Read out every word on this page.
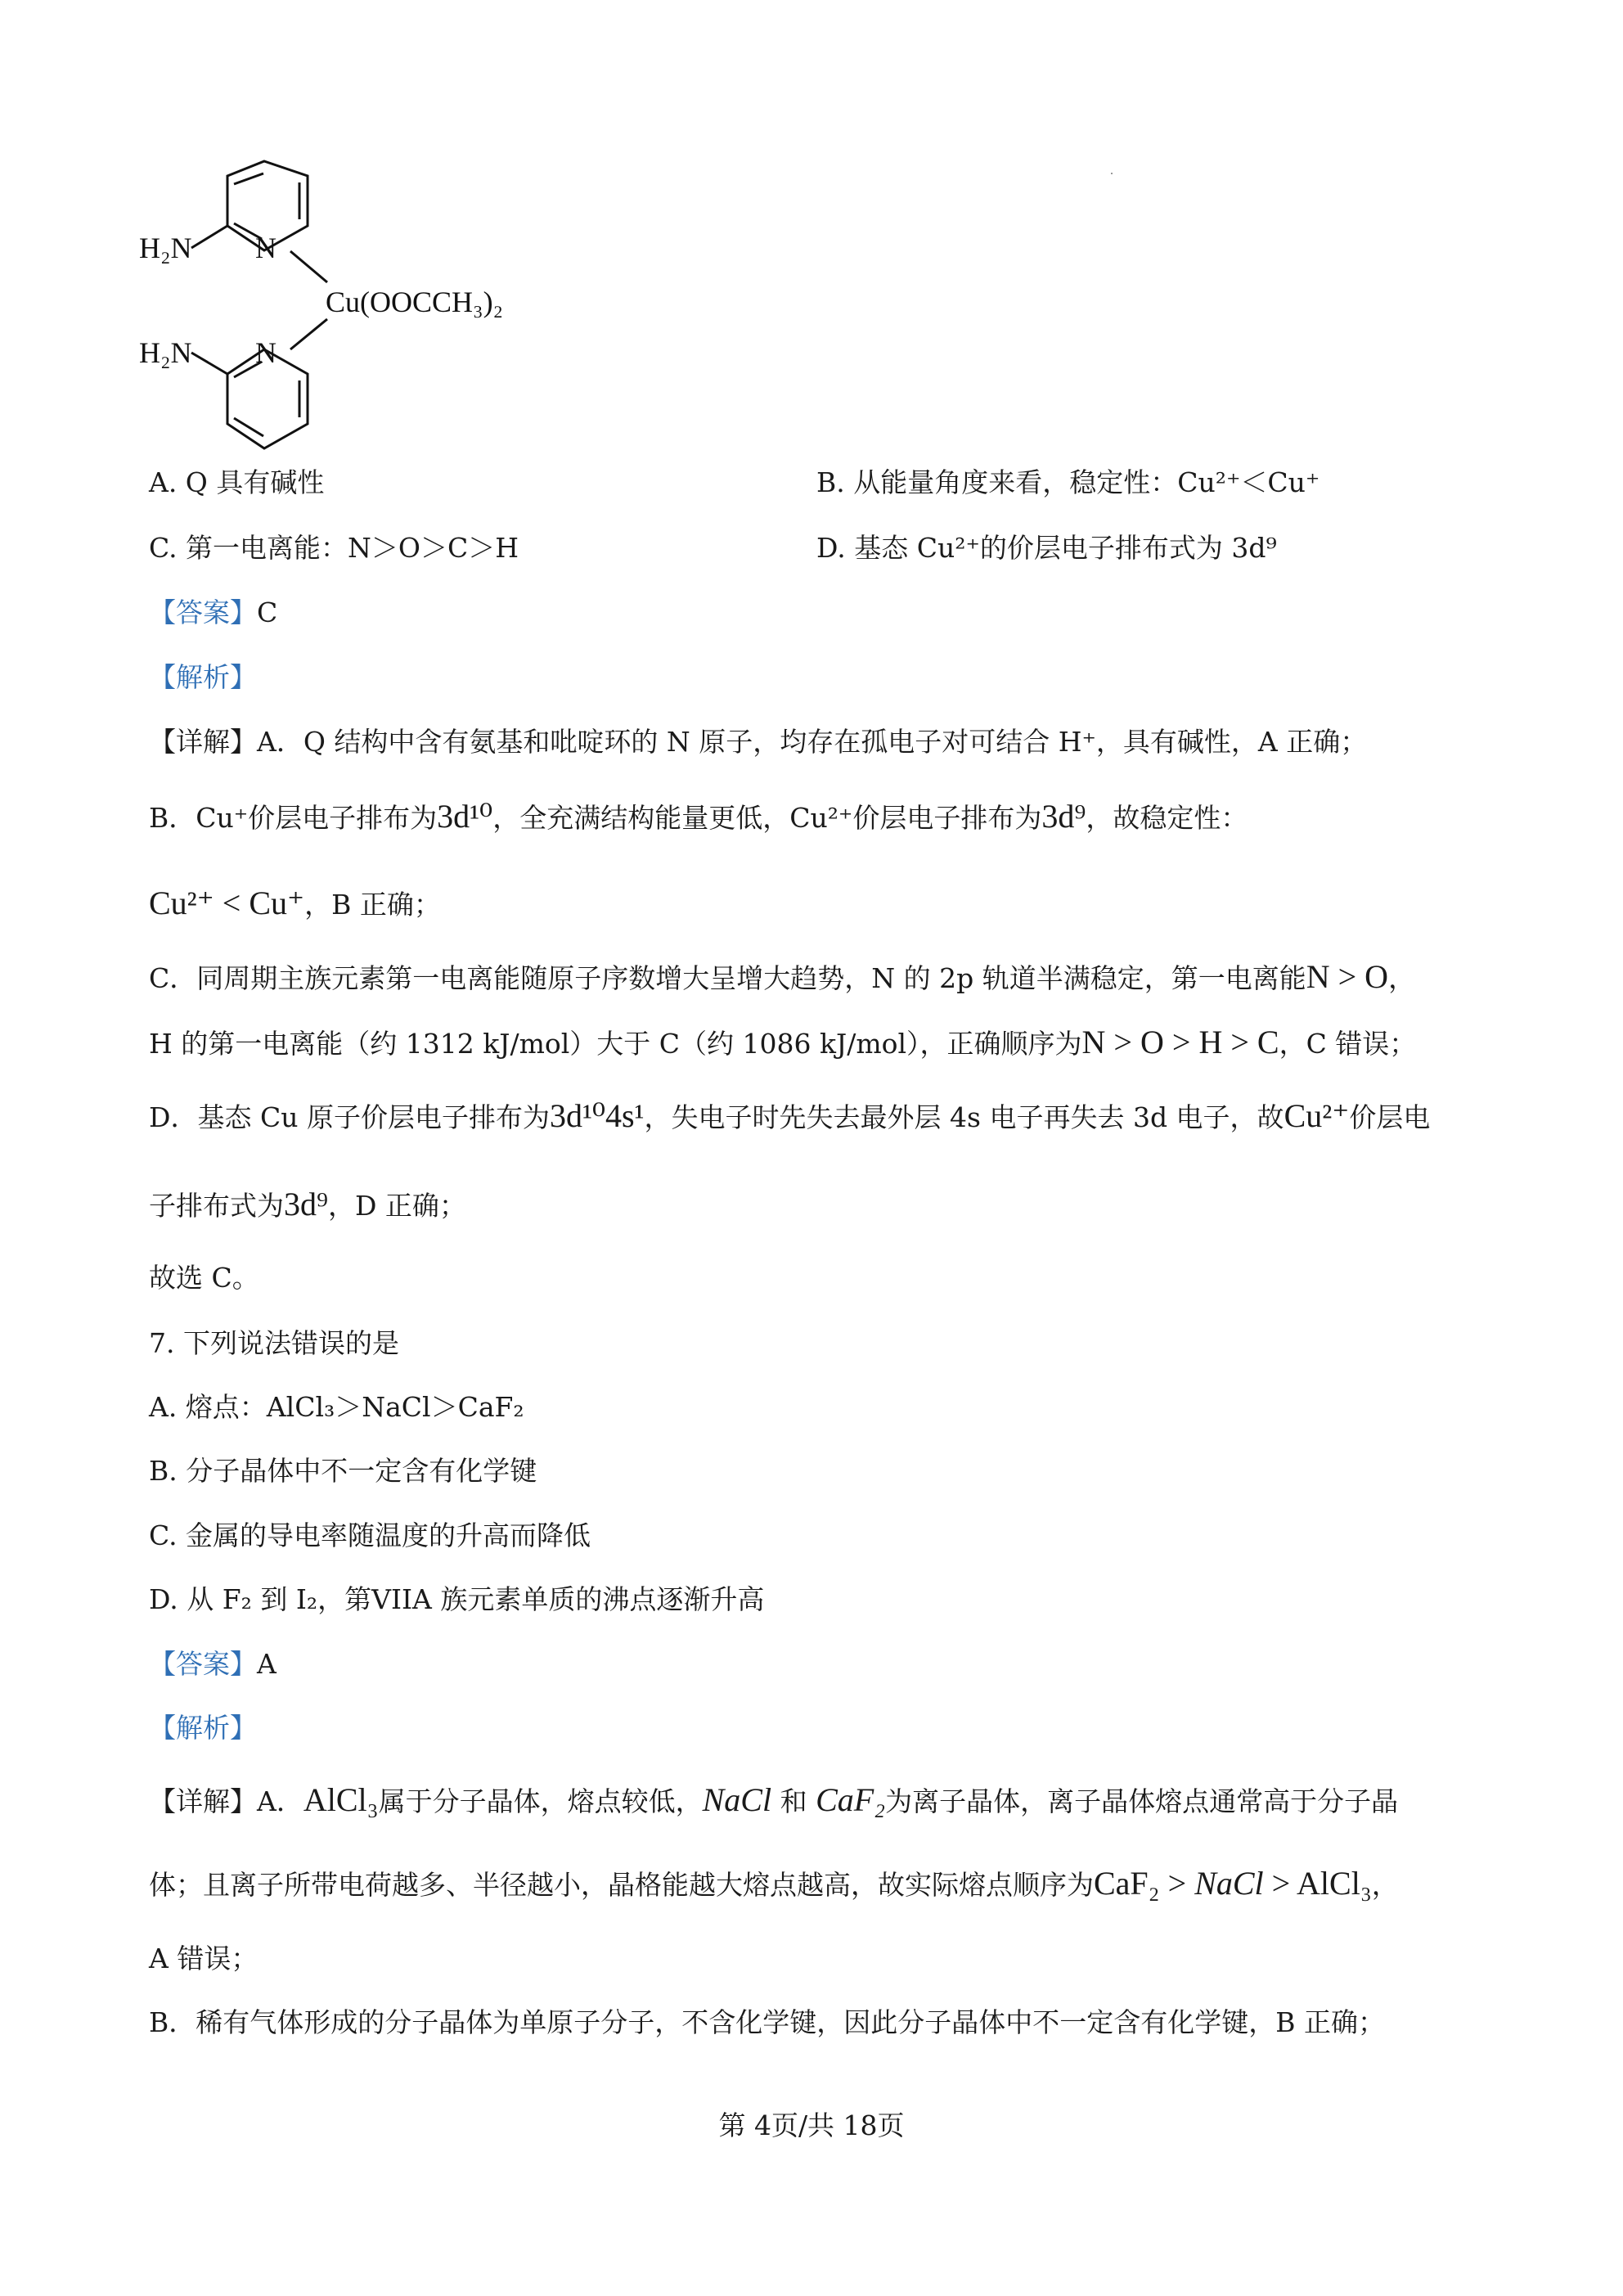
H₂N N
H₂N N
Cu(OOCCH₃)₂
A. Q 具有碱性	B. 从能量角度来看，稳定性：Cu²⁺＜Cu⁺
C. 第一电离能：N＞O＞C＞H	D. 基态 Cu²⁺的价层电子排布式为 3d⁹
【答案】C
【解析】
【详解】A．Q 结构中含有氨基和吡啶环的 N 原子，均存在孤电子对可结合 H⁺，具有碱性，A 正确；
B．Cu⁺价层电子排布为3d¹⁰，全充满结构能量更低，Cu²⁺价层电子排布为3d⁹，故稳定性：
Cu²⁺ < Cu⁺，B 正确；
C．同周期主族元素第一电离能随原子序数增大呈增大趋势，N 的 2p 轨道半满稳定，第一电离能N > O，
H 的第一电离能（约 1312 kJ/mol）大于 C（约 1086 kJ/mol），正确顺序为N > O > H > C，C 错误；
D．基态 Cu 原子价层电子排布为3d¹⁰4s¹，失电子时先失去最外层 4s 电子再失去 3d 电子，故Cu²⁺价层电
子排布式为3d⁹，D 正确；
故选 C。
7. 下列说法错误的是
A. 熔点：AlCl₃＞NaCl＞CaF₂
B. 分子晶体中不一定含有化学键
C. 金属的导电率随温度的升高而降低
D. 从 F₂ 到 I₂，第VIIA 族元素单质的沸点逐渐升高
【答案】A
【解析】
【详解】A．AlCl₃属于分子晶体，熔点较低，NaCl 和 CaF₂为离子晶体，离子晶体熔点通常高于分子晶
体；且离子所带电荷越多、半径越小，晶格能越大熔点越高，故实际熔点顺序为CaF₂ > NaCl > AlCl₃，
A 错误；
B．稀有气体形成的分子晶体为单原子分子，不含化学键，因此分子晶体中不一定含有化学键，B 正确；
第 4页/共 18页
